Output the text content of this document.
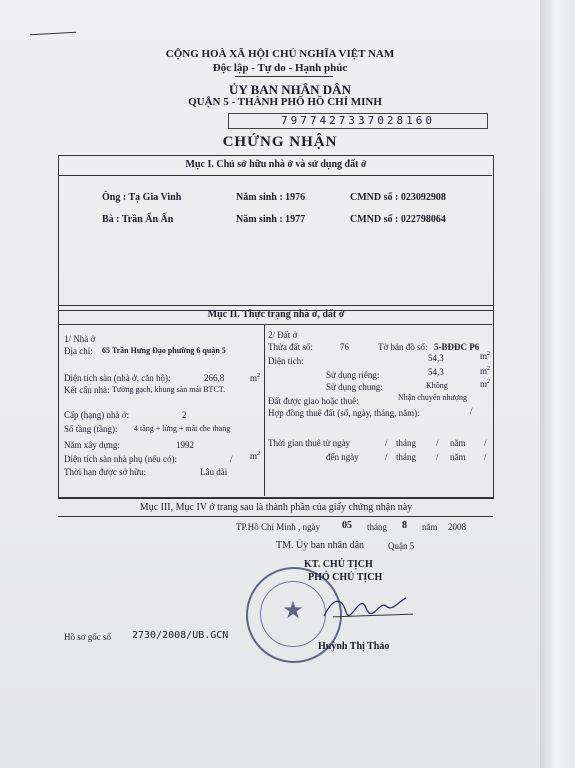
CỘNG HOÀ XÃ HỘI CHỦ NGHĨA VIỆT NAM
Độc lập - Tự do - Hạnh phúc
ỦY BAN NHÂN DÂN
QUẬN 5 - THÀNH PHỐ HỒ CHÍ MINH
7977427337028160
CHỨNG NHẬN
Mục I. Chủ sở hữu nhà ở và sử dụng đất ở
Ông : Tạ Gia Vinh	Năm sinh : 1976	CMND số : 023092908
Bà : Trần Ấn Ấn	Năm sinh : 1977	CMND số : 022798064
Mục II. Thực trạng nhà ở, đất ở
1/ Nhà ở
Địa chỉ: 65 Trần Hưng Đạo phường 6 quận 5
Diện tích sàn (nhà ở, căn hộ):	266,8	$m^2$
Kết cấu nhà: Tường gạch, khung sàn mái BTCT.
Cấp (hạng) nhà ở:	2
Số tầng (tầng): 4 tầng + lửng + mái che thang
Năm xây dựng:	1992
Diện tích sàn nhà phụ (nếu có):	/ $m^2$
Thời hạn được sở hữu:	Lâu dài
2/ Đất ở
Thửa đất số:	76	Tờ bản đồ số: 5-BĐĐC P6
Diện tích:	54,3	$m^2$
Sử dụng riêng:	54,3	$m^2$
Sử dụng chung:	Không	$m^2$
Đất được giao hoặc thuê:	Nhận chuyển nhượng
Hợp đồng thuê đất (số, ngày, tháng, năm):	/
Thời gian thuê từ ngày	/ tháng / năm /
đến ngày	/ tháng / năm /
Mục III, Mục IV ở trang sau là thành phần của giấy chứng nhận này
TP.Hồ Chí Minh , ngày 05 tháng 8 năm 2008
TM. Ủy ban nhân dân	Quận 5
KT. CHỦ TỊCH
PHÓ CHỦ TỊCH
★
Huỳnh Thị Thảo
Hồ sơ gốc số 2730/2008/UB.GCN
